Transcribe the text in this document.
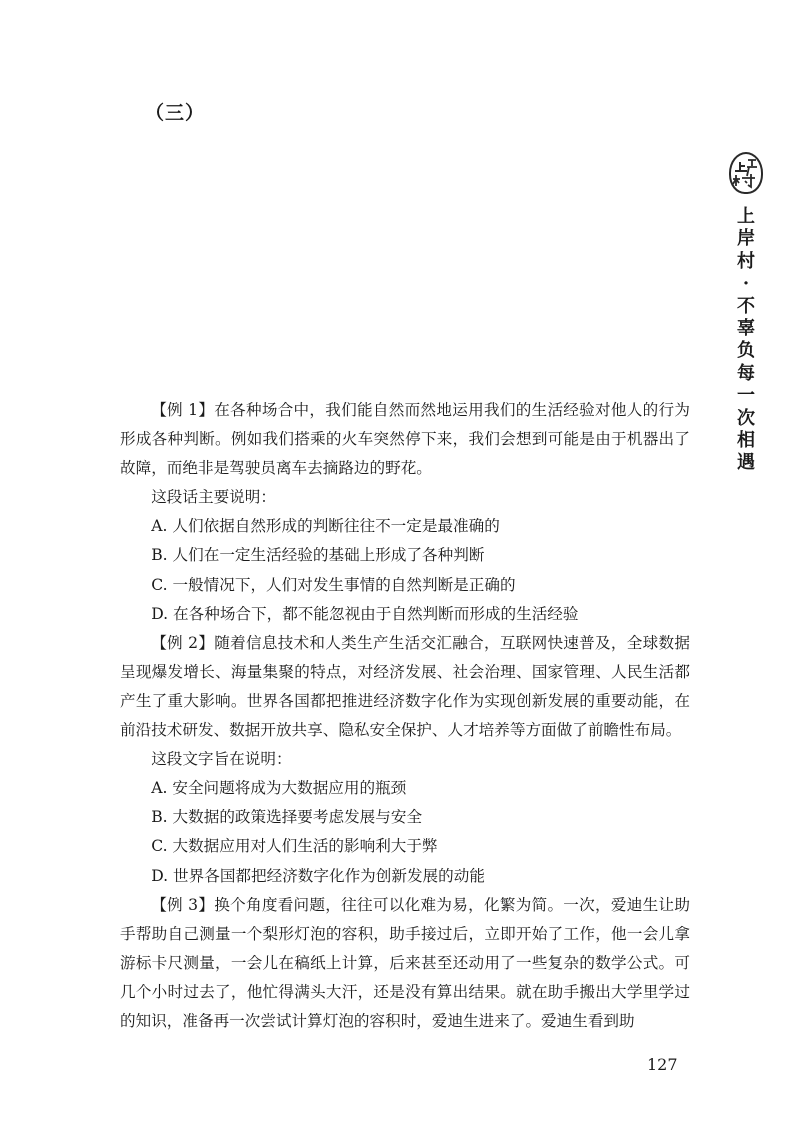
（三）
上
岸
村
·
不
辜
负
每
一
次
相
遇

【例 1】在各种场合中，我们能自然而然地运用我们的生活经验对他人的行为形成各种判断。例如我们搭乘的火车突然停下来，我们会想到可能是由于机器出了故障，而绝非是驾驶员离车去摘路边的野花。

这段话主要说明：

A. 人们依据自然形成的判断往往不一定是最准确的

B. 人们在一定生活经验的基础上形成了各种判断

C. 一般情况下，人们对发生事情的自然判断是正确的

D. 在各种场合下，都不能忽视由于自然判断而形成的生活经验

【例 2】随着信息技术和人类生产生活交汇融合，互联网快速普及，全球数据呈现爆发增长、海量集聚的特点，对经济发展、社会治理、国家管理、人民生活都产生了重大影响。世界各国都把推进经济数字化作为实现创新发展的重要动能，在前沿技术研发、数据开放共享、隐私安全保护、人才培养等方面做了前瞻性布局。

这段文字旨在说明：

A. 安全问题将成为大数据应用的瓶颈

B. 大数据的政策选择要考虑发展与安全

C. 大数据应用对人们生活的影响利大于弊

D. 世界各国都把经济数字化作为创新发展的动能

【例 3】换个角度看问题，往往可以化难为易，化繁为简。一次，爱迪生让助手帮助自己测量一个梨形灯泡的容积，助手接过后，立即开始了工作，他一会儿拿游标卡尺测量，一会儿在稿纸上计算，后来甚至还动用了一些复杂的数学公式。可几个小时过去了，他忙得满头大汗，还是没有算出结果。就在助手搬出大学里学过的知识，准备再一次尝试计算灯泡的容积时，爱迪生进来了。爱迪生看到助

127
